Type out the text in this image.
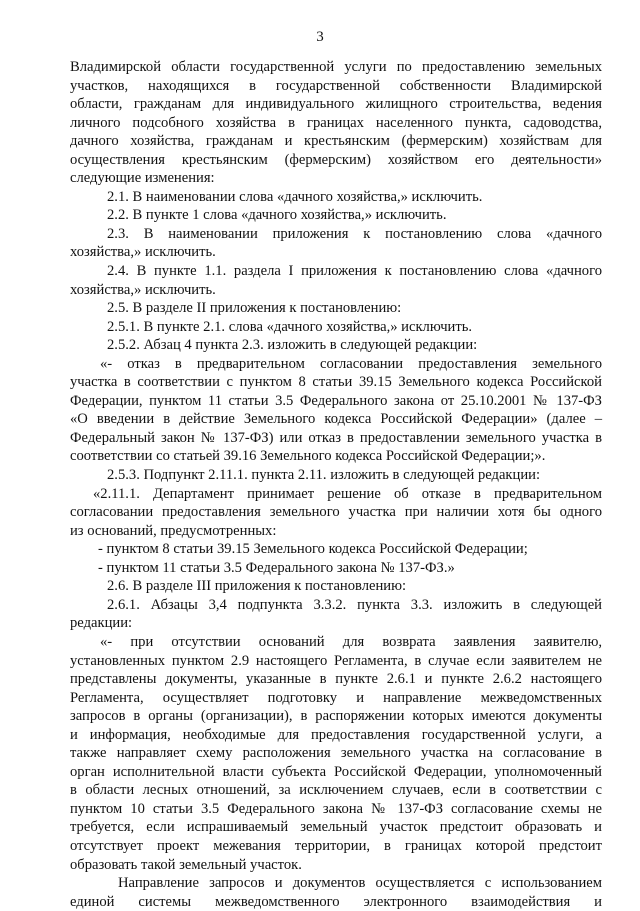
3
Владимирской области государственной услуги по предоставлению земельных
участков, находящихся в государственной собственности Владимирской
области, гражданам для индивидуального жилищного строительства, ведения
личного подсобного хозяйства в границах населенного пункта, садоводства,
дачного хозяйства, гражданам и крестьянским (фермерским) хозяйствам для
осуществления крестьянским (фермерским) хозяйством его деятельности»
следующие изменения:
2.1. В наименовании слова «дачного хозяйства,» исключить.
2.2. В пункте 1 слова «дачного хозяйства,» исключить.
2.3. В наименовании приложения к постановлению слова «дачного
хозяйства,» исключить.
2.4. В пункте 1.1. раздела I приложения к постановлению слова «дачного
хозяйства,» исключить.
2.5. В разделе II приложения к постановлению:
2.5.1. В пункте 2.1. слова «дачного хозяйства,» исключить.
2.5.2. Абзац 4 пункта 2.3. изложить в следующей редакции:
«- отказ в предварительном согласовании предоставления земельного
участка в соответствии с пунктом 8 статьи 39.15 Земельного кодекса Российской
Федерации, пунктом 11 статьи 3.5 Федерального закона от 25.10.2001 № 137-ФЗ
«О введении в действие Земельного кодекса Российской Федерации» (далее –
Федеральный закон № 137-ФЗ) или отказ в предоставлении земельного участка в
соответствии со статьей 39.16 Земельного кодекса Российской Федерации;».
2.5.3. Подпункт 2.11.1. пункта 2.11. изложить в следующей редакции:
«2.11.1. Департамент принимает решение об отказе в предварительном
согласовании предоставления земельного участка при наличии хотя бы одного
из оснований, предусмотренных:
- пунктом 8 статьи 39.15 Земельного кодекса Российской Федерации;
- пунктом 11 статьи 3.5 Федерального закона № 137-ФЗ.»
2.6. В разделе III приложения к постановлению:
2.6.1. Абзацы 3,4 подпункта 3.3.2. пункта 3.3. изложить в следующей
редакции:
«- при отсутствии оснований для возврата заявления заявителю,
установленных пунктом 2.9 настоящего Регламента, в случае если заявителем не
представлены документы, указанные в пункте 2.6.1 и пункте 2.6.2 настоящего
Регламента, осуществляет подготовку и направление межведомственных
запросов в органы (организации), в распоряжении которых имеются документы
и информация, необходимые для предоставления государственной услуги, а
также направляет схему расположения земельного участка на согласование в
орган исполнительной власти субъекта Российской Федерации, уполномоченный
в области лесных отношений, за исключением случаев, если в соответствии с
пунктом 10 статьи 3.5 Федерального закона № 137-ФЗ согласование схемы не
требуется, если испрашиваемый земельный участок предстоит образовать и
отсутствует проект межевания территории, в границах которой предстоит
образовать такой земельный участок.
Направление запросов и документов осуществляется с использованием
единой системы межведомственного электронного взаимодействия и
